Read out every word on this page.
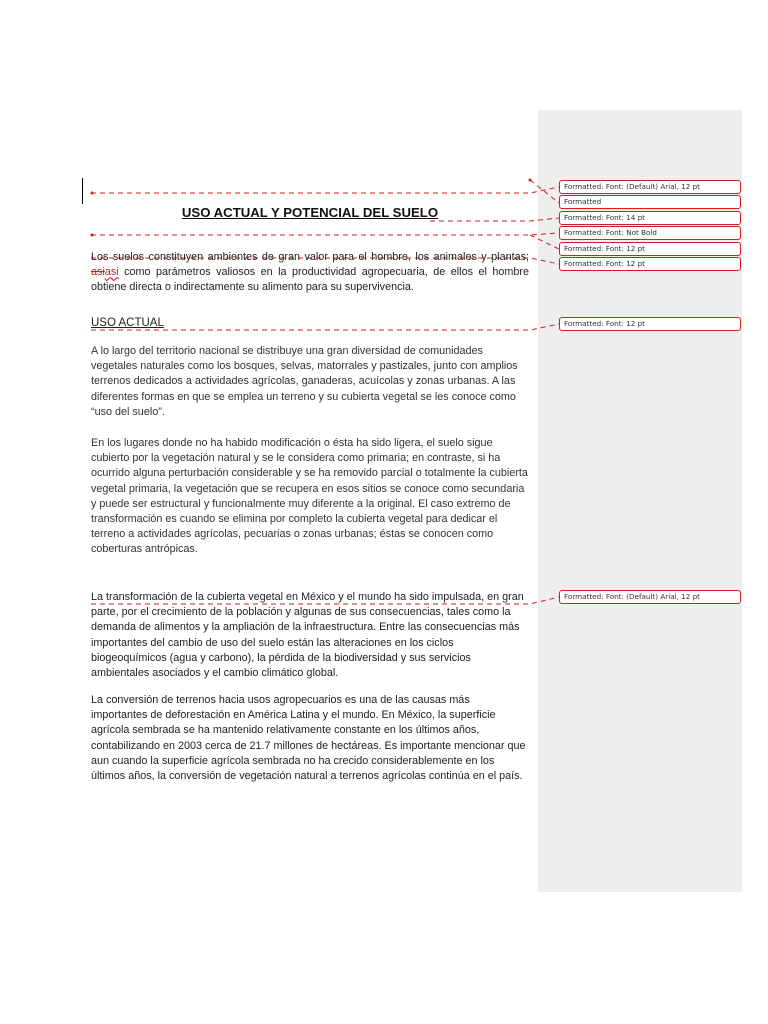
USO ACTUAL Y POTENCIAL DEL SUELO

Los suelos constituyen ambientes de gran valor para el hombre, los animales y plantas; asiasi como parámetros valiosos en la productividad agropecuaria, de ellos el hombre obtiene directa o indirectamente su alimento para su supervivencia.

USO ACTUAL

A lo largo del territorio nacional se distribuye una gran diversidad de comunidades vegetales naturales como los bosques, selvas, matorrales y pastizales, junto con amplios terrenos dedicados a actividades agrícolas, ganaderas, acuícolas y zonas urbanas. A las diferentes formas en que se emplea un terreno y su cubierta vegetal se les conoce como “uso del suelo”.

En los lugares donde no ha habido modificación o ésta ha sido ligera, el suelo sigue cubierto por la vegetación natural y se le considera como primaria; en contraste, si ha ocurrido alguna perturbación considerable y se ha removido parcial o totalmente la cubierta vegetal primaria, la vegetación que se recupera en esos sitios se conoce como secundaria y puede ser estructural y funcionalmente muy diferente a la original. El caso extremo de transformación es cuando se elimina por completo la cubierta vegetal para dedicar el terreno a actividades agrícolas, pecuarias o zonas urbanas; éstas se conocen como coberturas antrópicas.

La transformación de la cubierta vegetal en México y el mundo ha sido impulsada, en gran parte, por el crecimiento de la población y algunas de sus consecuencias, tales como la demanda de alimentos y la ampliación de la infraestructura. Entre las consecuencias más importantes del cambio de uso del suelo están las alteraciones en los ciclos biogeoquímicos (agua y carbono), la pérdida de la biodiversidad y sus servicios ambientales asociados y el cambio climático global.

La conversión de terrenos hacia usos agropecuarios es una de las causas más importantes de deforestación en América Latina y el mundo. En México, la superficie agrícola sembrada se ha mantenido relativamente constante en los últimos años, contabilizando en 2003 cerca de 21.7 millones de hectáreas. Es importante mencionar que aun cuando la superficie agrícola sembrada no ha crecido considerablemente en los últimos años, la conversión de vegetación natural a terrenos agrícolas continúa en el país.

Formatted: Font: (Default) Arial, 12 pt
Formatted
Formatted: Font: 14 pt
Formatted: Font: Not Bold
Formatted: Font: 12 pt
Formatted: Font: 12 pt
Formatted: Font: 12 pt
Formatted: Font: (Default) Arial, 12 pt
